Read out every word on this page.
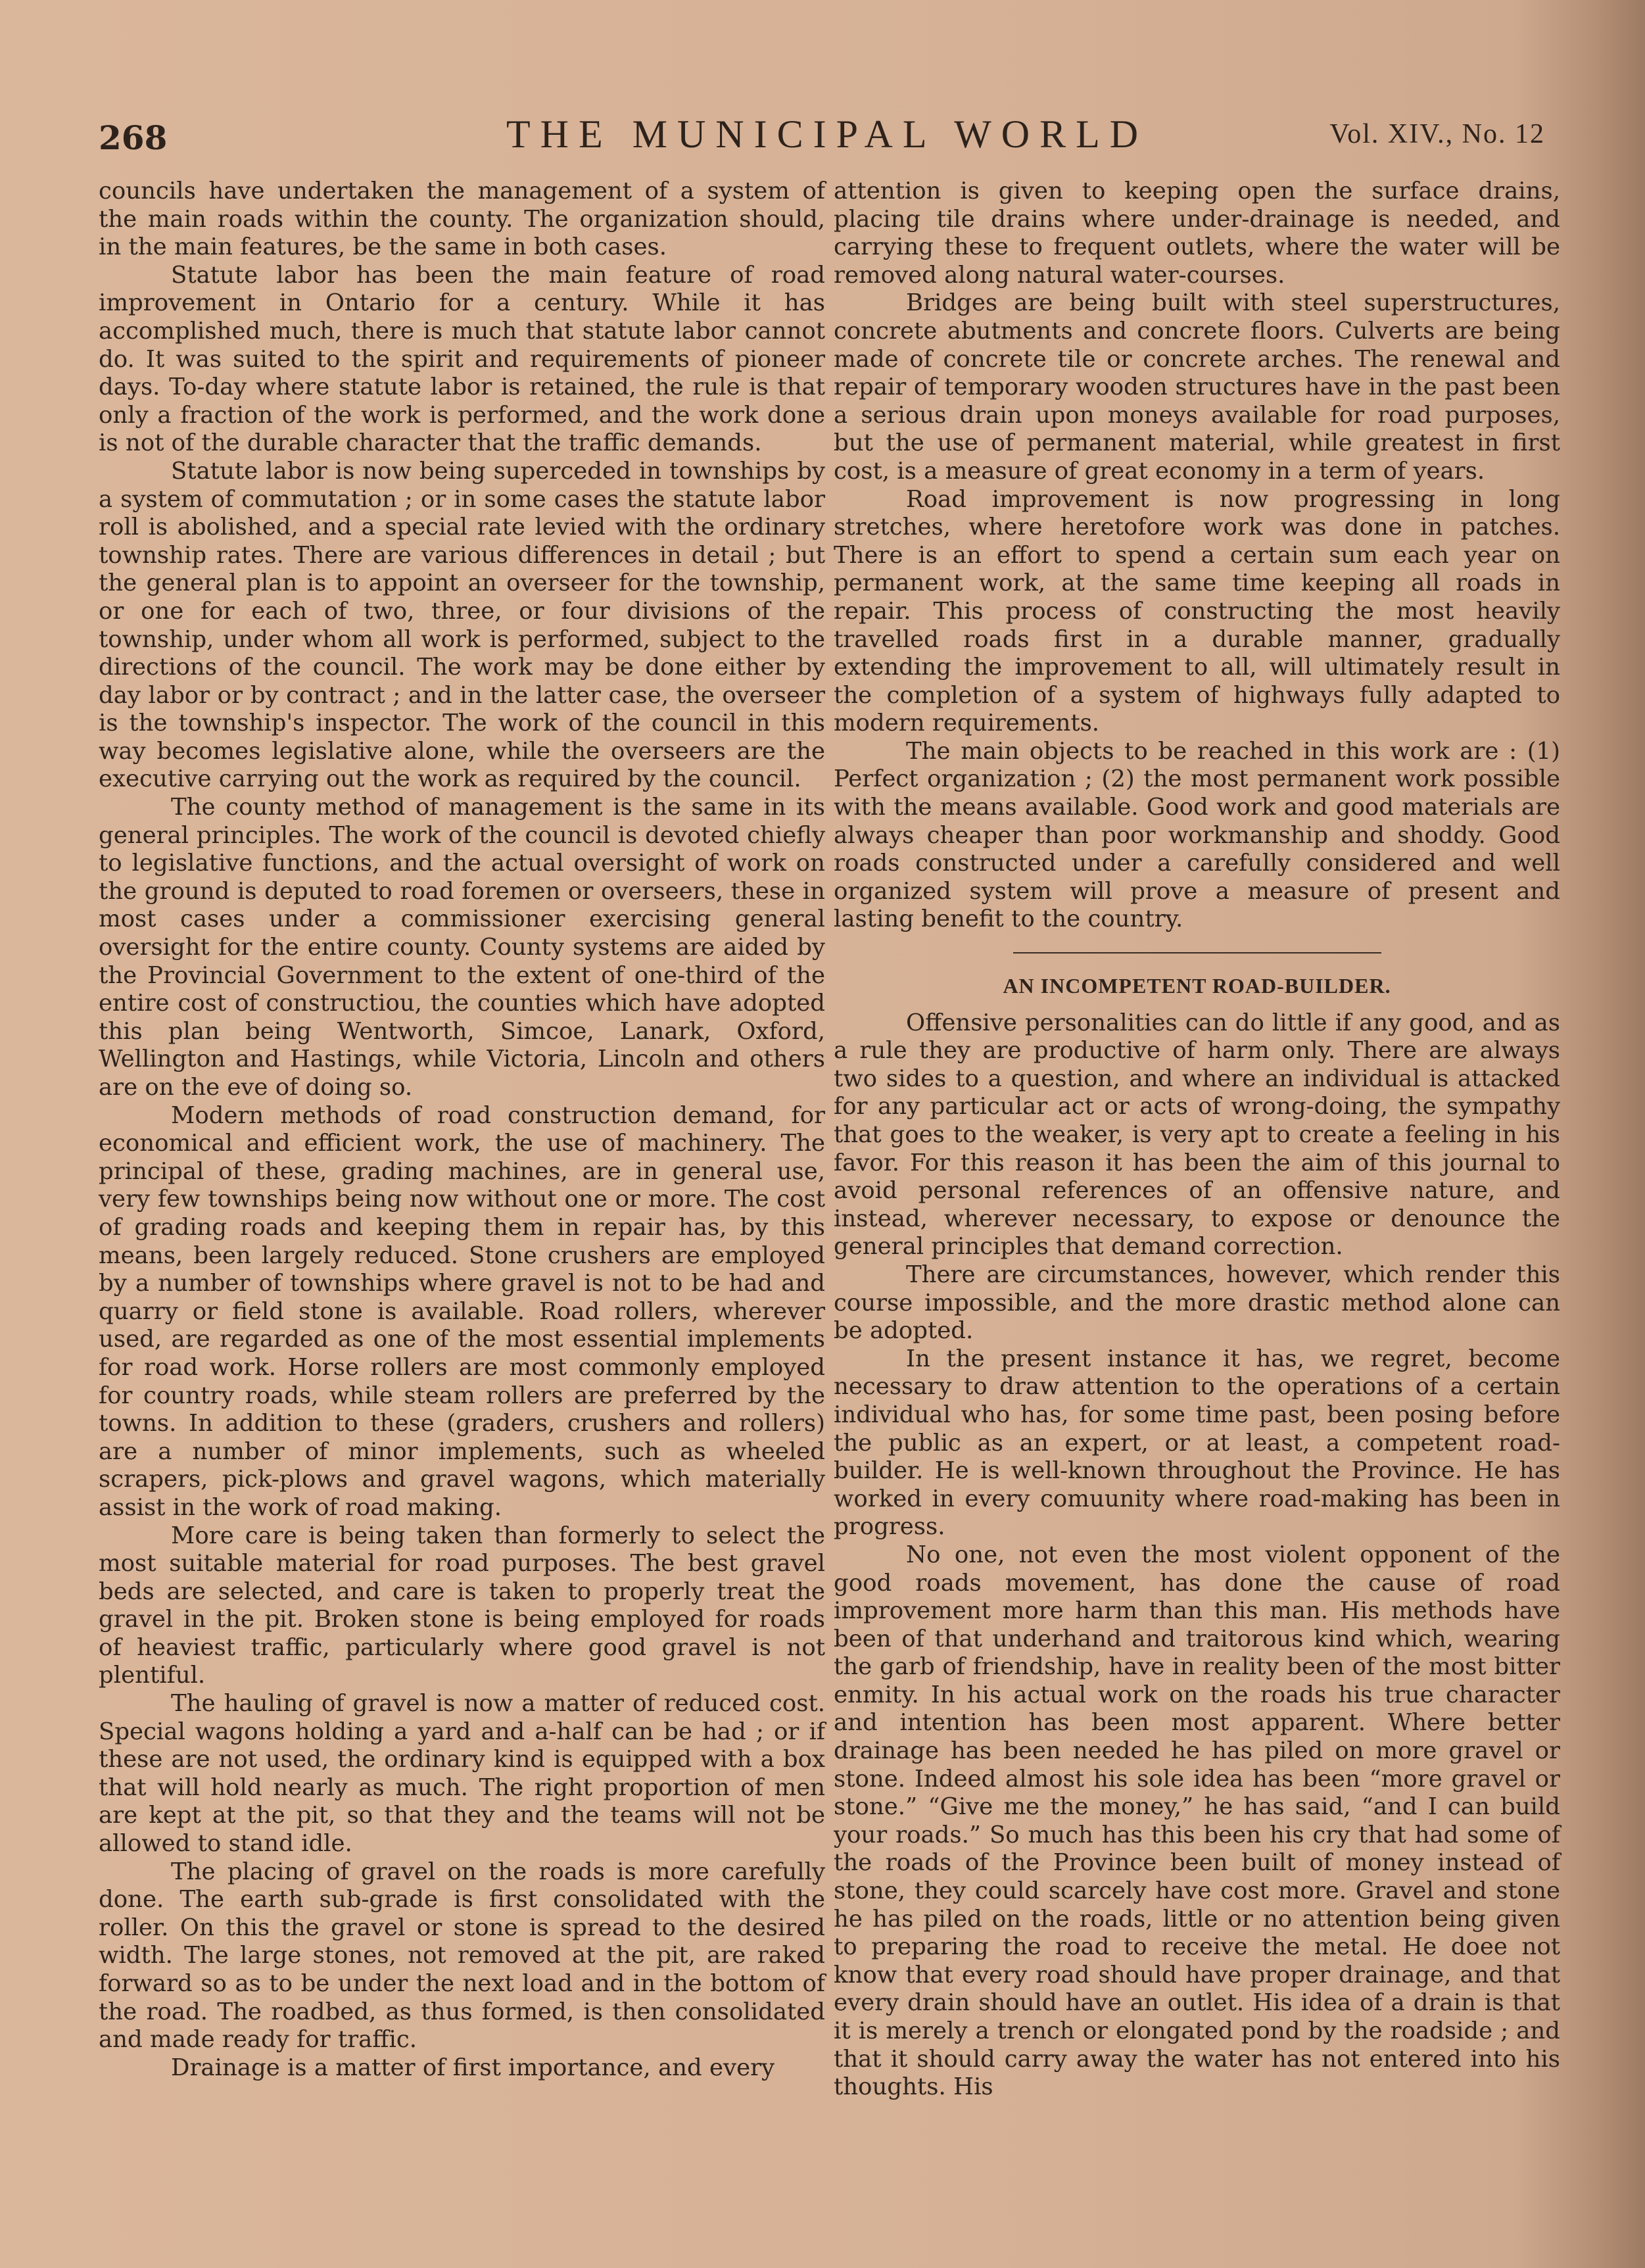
268	THE MUNICIPAL WORLD	Vol. XIV., No. 12

councils have undertaken the management of a system of the main roads within the county. The organization should, in the main features, be the same in both cases.

Statute labor has been the main feature of road improvement in Ontario for a century. While it has accomplished much, there is much that statute labor cannot do. It was suited to the spirit and requirements of pioneer days. To-day where statute labor is retained, the rule is that only a fraction of the work is performed, and the work done is not of the durable character that the traffic demands.

Statute labor is now being superceded in townships by a system of commutation ; or in some cases the statute labor roll is abolished, and a special rate levied with the ordinary township rates. There are various differences in detail ; but the general plan is to appoint an overseer for the township, or one for each of two, three, or four divisions of the township, under whom all work is performed, subject to the directions of the council. The work may be done either by day labor or by contract ; and in the latter case, the overseer is the township's inspector. The work of the council in this way becomes legislative alone, while the overseers are the executive carrying out the work as required by the council.

The county method of management is the same in its general principles. The work of the council is devoted chiefly to legislative functions, and the actual oversight of work on the ground is deputed to road foremen or overseers, these in most cases under a commissioner exercising general oversight for the entire county. County systems are aided by the Provincial Government to the extent of one-third of the entire cost of constructiou, the counties which have adopted this plan being Wentworth, Simcoe, Lanark, Oxford, Wellington and Hastings, while Victoria, Lincoln and others are on the eve of doing so.

Modern methods of road construction demand, for economical and efficient work, the use of machinery. The principal of these, grading machines, are in general use, very few townships being now without one or more. The cost of grading roads and keeping them in repair has, by this means, been largely reduced. Stone crushers are employed by a number of townships where gravel is not to be had and quarry or field stone is available. Road rollers, wherever used, are regarded as one of the most essential implements for road work. Horse rollers are most commonly employed for country roads, while steam rollers are preferred by the towns. In addition to these (graders, crushers and rollers) are a number of minor implements, such as wheeled scrapers, pick-plows and gravel wagons, which materially assist in the work of road making.

More care is being taken than formerly to select the most suitable material for road purposes. The best gravel beds are selected, and care is taken to properly treat the gravel in the pit. Broken stone is being employed for roads of heaviest traffic, particularly where good gravel is not plentiful.

The hauling of gravel is now a matter of reduced cost. Special wagons holding a yard and a-half can be had ; or if these are not used, the ordinary kind is equipped with a box that will hold nearly as much. The right proportion of men are kept at the pit, so that they and the teams will not be allowed to stand idle.

The placing of gravel on the roads is more carefully done. The earth sub-grade is first consolidated with the roller. On this the gravel or stone is spread to the desired width. The large stones, not removed at the pit, are raked forward so as to be under the next load and in the bottom of the road. The roadbed, as thus formed, is then consolidated and made ready for traffic.

Drainage is a matter of first importance, and every

attention is given to keeping open the surface drains, placing tile drains where under-drainage is needed, and carrying these to frequent outlets, where the water will be removed along natural water-courses.

Bridges are being built with steel superstructures, concrete abutments and concrete floors. Culverts are being made of concrete tile or concrete arches. The renewal and repair of temporary wooden structures have in the past been a serious drain upon moneys available for road purposes, but the use of permanent material, while greatest in first cost, is a measure of great economy in a term of years.

Road improvement is now progressing in long stretches, where heretofore work was done in patches. There is an effort to spend a certain sum each year on permanent work, at the same time keeping all roads in repair. This process of constructing the most heavily travelled roads first in a durable manner, gradually extending the improvement to all, will ultimately result in the completion of a system of highways fully adapted to modern requirements.

The main objects to be reached in this work are : (1) Perfect organization ; (2) the most permanent work possible with the means available. Good work and good materials are always cheaper than poor workmanship and shoddy. Good roads constructed under a carefully considered and well organized system will prove a measure of present and lasting benefit to the country.

AN INCOMPETENT ROAD-BUILDER.

Offensive personalities can do little if any good, and as a rule they are productive of harm only. There are always two sides to a question, and where an individual is attacked for any particular act or acts of wrong-doing, the sympathy that goes to the weaker, is very apt to create a feeling in his favor. For this reason it has been the aim of this journal to avoid personal references of an offensive nature, and instead, wherever necessary, to expose or denounce the general principles that demand correction.

There are circumstances, however, which render this course impossible, and the more drastic method alone can be adopted.

In the present instance it has, we regret, become necessary to draw attention to the operations of a certain individual who has, for some time past, been posing before the public as an expert, or at least, a competent road-builder. He is well-known throughout the Province. He has worked in every comuunity where road-making has been in progress.

No one, not even the most violent opponent of the good roads movement, has done the cause of road improvement more harm than this man. His methods have been of that underhand and traitorous kind which, wearing the garb of friendship, have in reality been of the most bitter enmity. In his actual work on the roads his true character and intention has been most apparent. Where better drainage has been needed he has piled on more gravel or stone. Indeed almost his sole idea has been “more gravel or stone.” “Give me the money,” he has said, “and I can build your roads.” So much has this been his cry that had some of the roads of the Province been built of money instead of stone, they could scarcely have cost more. Gravel and stone he has piled on the roads, little or no attention being given to preparing the road to receive the metal. He doee not know that every road should have proper drainage, and that every drain should have an outlet. His idea of a drain is that it is merely a trench or elongated pond by the roadside ; and that it should carry away the water has not entered into his thoughts. His
